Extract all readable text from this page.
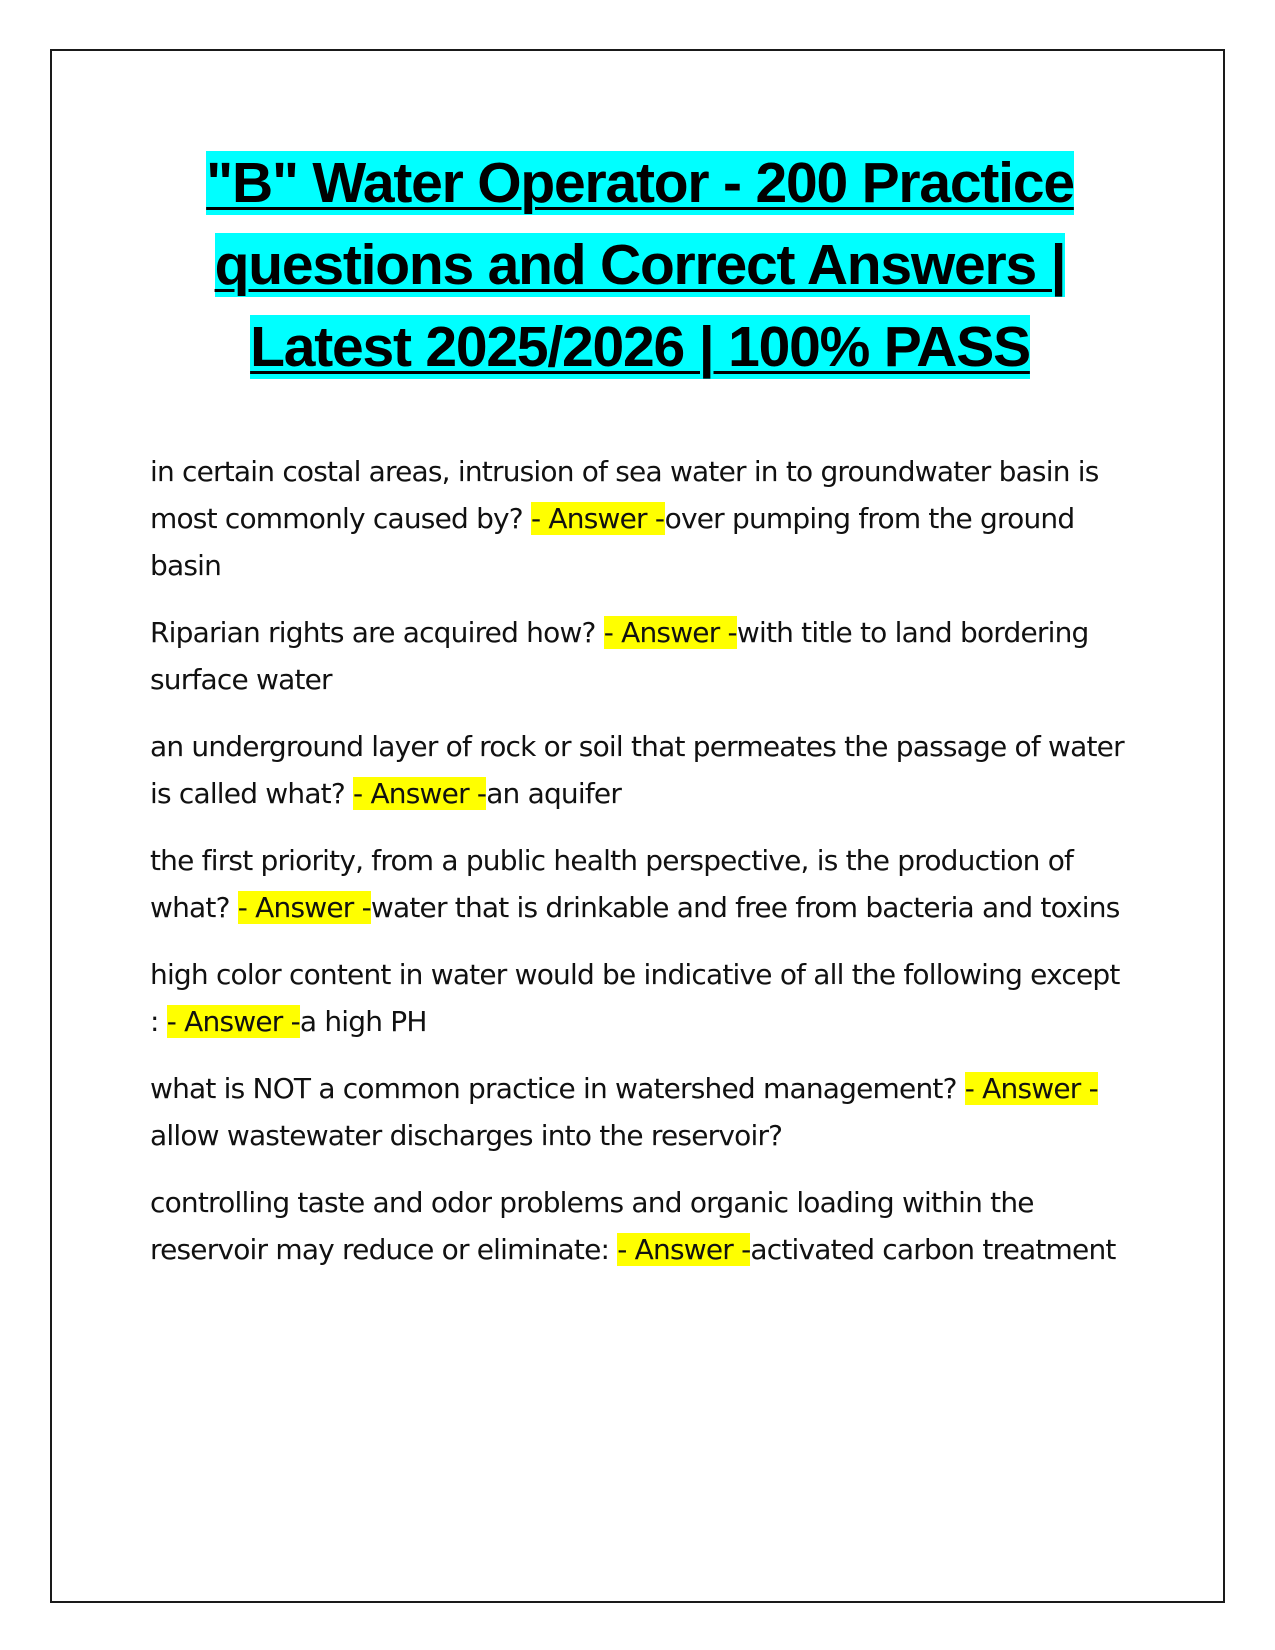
"B" Water Operator - 200 Practice
questions and Correct Answers |
Latest 2025/2026 | 100% PASS

in certain costal areas, intrusion of sea water in to groundwater basin is most commonly caused by? - Answer -over pumping from the ground basin

Riparian rights are acquired how? - Answer -with title to land bordering surface water

an underground layer of rock or soil that permeates the passage of water is called what? - Answer -an aquifer

the first priority, from a public health perspective, is the production of what? - Answer -water that is drinkable and free from bacteria and toxins

high color content in water would be indicative of all the following except : - Answer -a high PH

what is NOT a common practice in watershed management? - Answer -allow wastewater discharges into the reservoir?

controlling taste and odor problems and organic loading within the reservoir may reduce or eliminate: - Answer -activated carbon treatment
